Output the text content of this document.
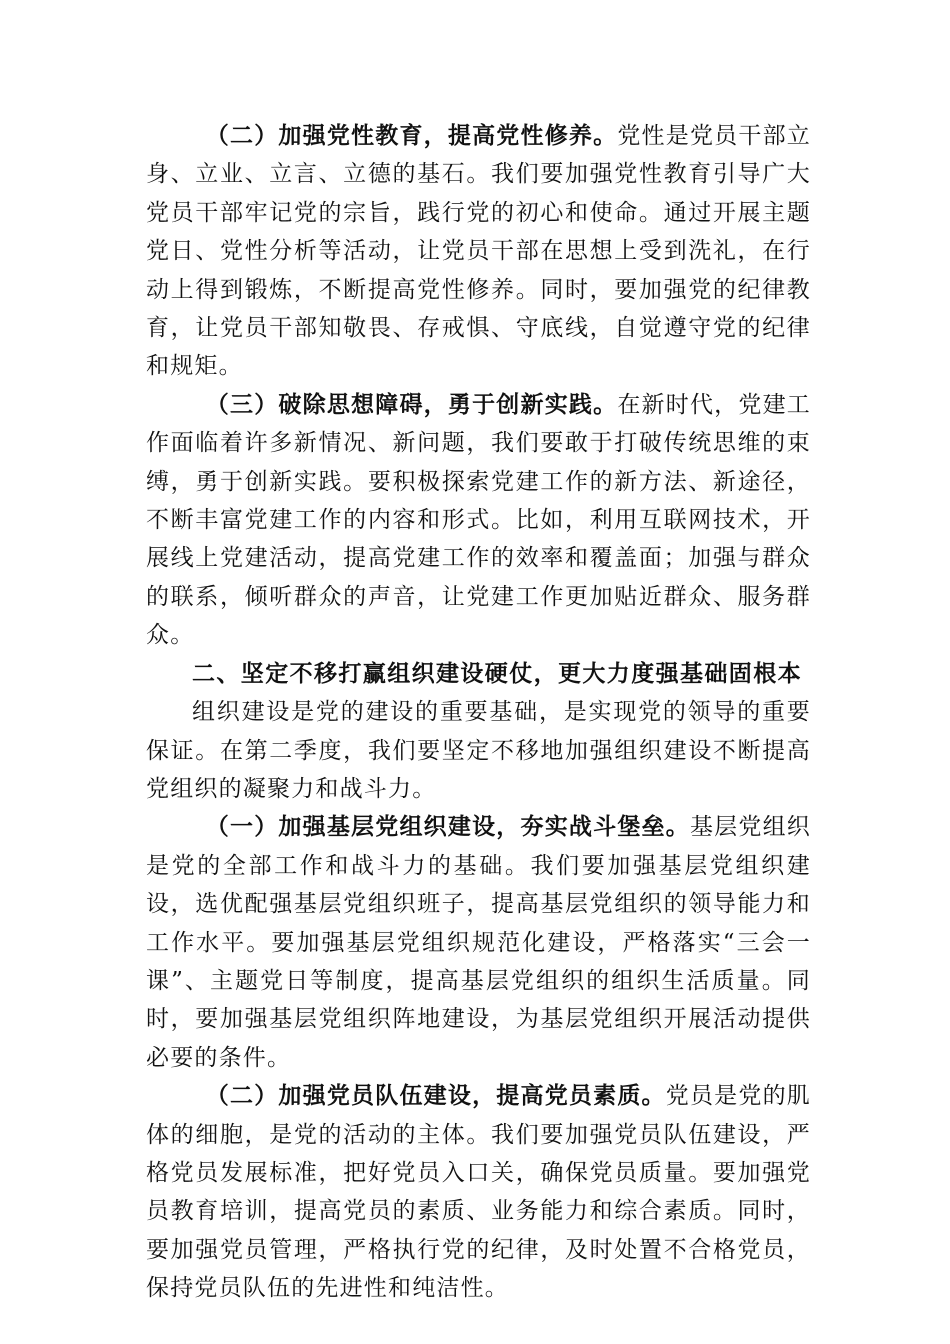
（二）加强党性教育，提高党性修养。党性是党员干部立身、立业、立言、立德的基石。我们要加强党性教育引导广大党员干部牢记党的宗旨，践行党的初心和使命。通过开展主题党日、党性分析等活动，让党员干部在思想上受到洗礼，在行动上得到锻炼，不断提高党性修养。同时，要加强党的纪律教育，让党员干部知敬畏、存戒惧、守底线，自觉遵守党的纪律和规矩。

（三）破除思想障碍，勇于创新实践。在新时代，党建工作面临着许多新情况、新问题，我们要敢于打破传统思维的束缚，勇于创新实践。要积极探索党建工作的新方法、新途径，不断丰富党建工作的内容和形式。比如，利用互联网技术，开展线上党建活动，提高党建工作的效率和覆盖面；加强与群众的联系，倾听群众的声音，让党建工作更加贴近群众、服务群众。

二、坚定不移打赢组织建设硬仗，更大力度强基础固根本

组织建设是党的建设的重要基础，是实现党的领导的重要保证。在第二季度，我们要坚定不移地加强组织建设不断提高党组织的凝聚力和战斗力。

（一）加强基层党组织建设，夯实战斗堡垒。基层党组织是党的全部工作和战斗力的基础。我们要加强基层党组织建设，选优配强基层党组织班子，提高基层党组织的领导能力和工作水平。要加强基层党组织规范化建设，严格落实“三会一课”、主题党日等制度，提高基层党组织的组织生活质量。同时，要加强基层党组织阵地建设，为基层党组织开展活动提供必要的条件。

（二）加强党员队伍建设，提高党员素质。党员是党的肌体的细胞，是党的活动的主体。我们要加强党员队伍建设，严格党员发展标准，把好党员入口关，确保党员质量。要加强党员教育培训，提高党员的素质、业务能力和综合素质。同时，要加强党员管理，严格执行党的纪律，及时处置不合格党员，保持党员队伍的先进性和纯洁性。
